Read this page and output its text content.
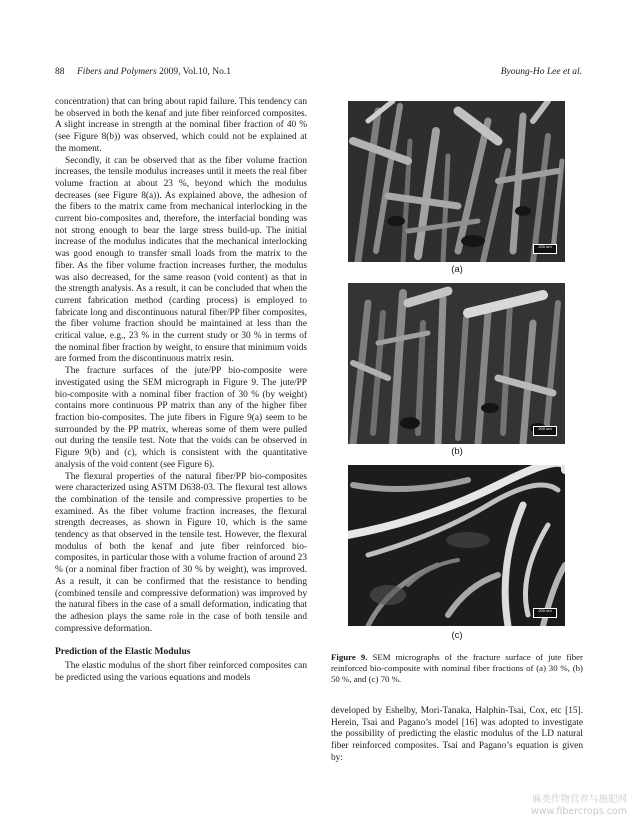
88 Fibers and Polymers 2009, Vol.10, No.1	Byoung-Ho Lee et al.

concentration) that can bring about rapid failure. This tendency can be observed in both the kenaf and jute fiber reinforced composites. A slight increase in strength at the nominal fiber fraction of 40 % (see Figure 8(b)) was observed, which could not be explained at the moment.

Secondly, it can be observed that as the fiber volume fraction increases, the tensile modulus increases until it meets the real fiber volume fraction at about 23 %, beyond which the modulus decreases (see Figure 8(a)). As explained above, the adhesion of the fibers to the matrix came from mechanical interlocking in the current bio-composites and, therefore, the interfacial bonding was not strong enough to bear the large stress build-up. The initial increase of the modulus indicates that the mechanical interlocking was good enough to transfer small loads from the matrix to the fiber. As the fiber volume fraction increases further, the modulus was also decreased, for the same reason (void content) as that in the strength analysis. As a result, it can be concluded that when the current fabrication method (carding process) is employed to fabricate long and discontinuous natural fiber/PP fiber composites, the fiber volume fraction should be maintained at less than the critical value, e.g., 23 % in the current study or 30 % in terms of the nominal fiber fraction by weight, to ensure that minimum voids are formed from the discontinuous matrix resin.

The fracture surfaces of the jute/PP bio-composite were investigated using the SEM micrograph in Figure 9. The jute/PP bio-composite with a nominal fiber fraction of 30 % (by weight) contains more continuous PP matrix than any of the higher fiber fraction bio-composites. The jute fibers in Figure 9(a) seem to be surrounded by the PP matrix, whereas some of them were pulled out during the tensile test. Note that the voids can be observed in Figure 9(b) and (c), which is consistent with the quantitative analysis of the void content (see Figure 6).

The flexural properties of the natural fiber/PP bio-composites were characterized using ASTM D638-03. The flexural test allows the combination of the tensile and compressive properties to be examined. As the fiber volume fraction increases, the flexural strength decreases, as shown in Figure 10, which is the same tendency as that observed in the tensile test. However, the flexural modulus of both the kenaf and jute fiber reinforced bio-composites, in particular those with a volume fraction of around 23 % (or a nominal fiber fraction of 30 % by weight), was improved. As a result, it can be confirmed that the resistance to bending (combined tensile and compressive deformation) was improved by the natural fibers in the case of a small deformation, indicating that the adhesion plays the same role in the case of both tensile and compressive deformation.

Prediction of the Elastic Modulus

The elastic modulus of the short fiber reinforced composites can be predicted using the various equations and models

200 um
(a)
200 um
(b)
200 um
(c)
Figure 9. SEM micrographs of the fracture surface of jute fiber reinforced bio-composite with nominal fiber fractions of (a) 30 %, (b) 50 %, and (c) 70 %.

developed by Eshelby, Mori-Tanaka, Halphin-Tsai, Cox, etc [15]. Herein, Tsai and Pagano’s model [16] was adopted to investigate the possibility of predicting the elastic modulus of the LD natural fiber reinforced composites. Tsai and Pagano’s equation is given by:

麻类作物营养与施肥网
www.fibercrops.com
